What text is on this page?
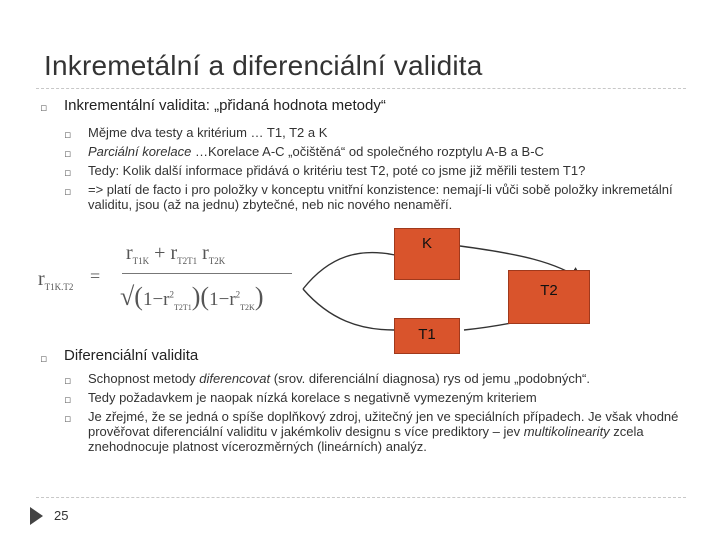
Inkremetální a diferenciální validita
▫ Inkrementální validita: „přidaná hodnota metody“
▫ Mějme dva testy a kritérium … T1, T2 a K
▫ Parciální korelace …Korelace A-C „očištěná“ od společného rozptylu A-B a B-C
▫ Tedy: Kolik další informace přidává o kritériu test T2, poté co jsme již měřili testem T1?
▫ => platí de facto i pro položky v konceptu vnitřní konzistence: nemají-li vůči sobě položky inkremetální validitu, jsou (až na jednu) zbytečné, neb nic nového nenaměří.
K
T2
T1
$r_{T1K.T2}$
=
$r_{T1K} + r_{T2T1}$ $r_{T2K}$
$√(1-r^2_{T2T1})(1-r^2_{T2K})$
▫ Diferenciální validita
▫ Schopnost metody diferencovat (srov. diferenciální diagnosa) rys od jemu „podobných“.
▫ Tedy požadavkem je naopak nízká korelace s negativně vymezeným kriteriem
▫ Je zřejmé, že se jedná o spíše doplňkový zdroj, užitečný jen ve speciálních případech. Je však vhodné prověřovat diferenciální validitu v jakémkoliv designu s více prediktory – jev multikolinearity zcela znehodnocuje platnost vícerozměrných (lineárních) analýz.
25
